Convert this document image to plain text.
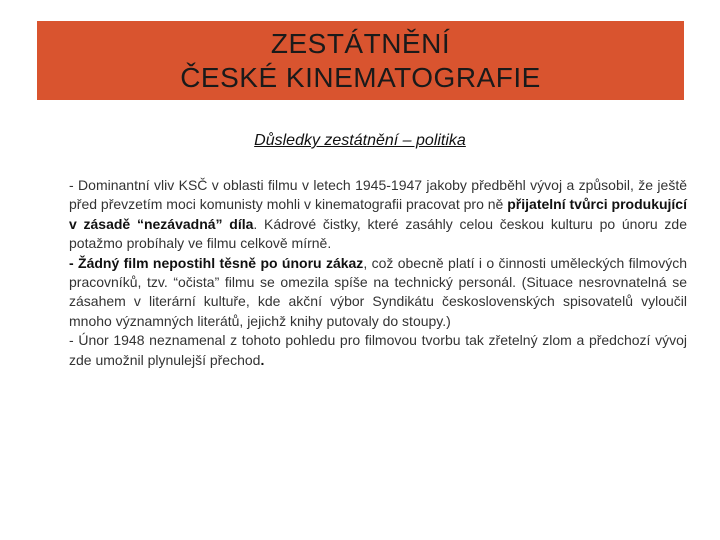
ZESTÁTNĚNÍ
ČESKÉ KINEMATOGRAFIE
Důsledky zestátnění – politika

- Dominantní vliv KSČ v oblasti filmu v letech 1945-1947 jakoby předběhl vývoj a způsobil, že ještě před převzetím moci komunisty mohli v kinematografii pracovat pro ně přijatelní tvůrci produkující v zásadě “nezávadná” díla. Kádrové čistky, které zasáhly celou českou kulturu po únoru zde potažmo probíhaly ve filmu celkově mírně.

- Žádný film nepostihl těsně po únoru zákaz, což obecně platí i o činnosti uměleckých filmových pracovníků, tzv. “očista” filmu se omezila spíše na technický personál. (Situace nesrovnatelná se zásahem v literární kultuře, kde akční výbor Syndikátu československých spisovatelů vyloučil mnoho významných literátů, jejichž knihy putovaly do stoupy.)

- Únor 1948 neznamenal z tohoto pohledu pro filmovou tvorbu tak zřetelný zlom a předchozí vývoj zde umožnil plynulejší přechod.
